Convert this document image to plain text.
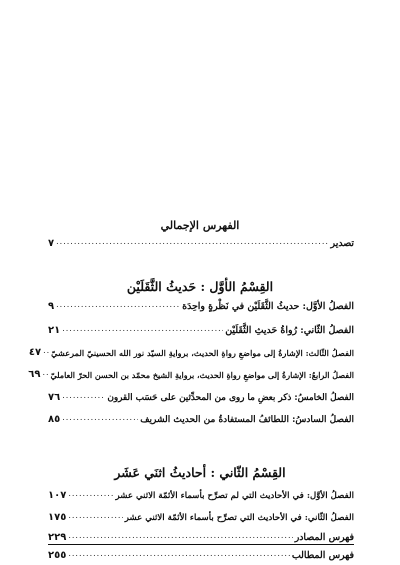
الفهرس الإجمالي
تصدير
.....
٧
القِسْمُ الأوَّل : حَديثُ الثَّقَلَيْن
الفصلُ الأوَّل: حديثُ الثَّقَلَيْن في نَظْرةٍ واحِدَة
.....
٩
الفصلُ الثّاني: رُواةُ حَديثِ الثَّقَلَيْن
.....
٢١
الفصلُ الثّالث: الإشارةُ إلى مواضعِ رواةِ الحديث، بروايةِ السيّد نور الله الحسينيّ المرعشيّ
.....
٤٧
الفصلُ الرابعُ: الإشارةُ إلى مواضعِ رواةِ الحديث، بروايةِ الشيخ محمّد بن الحسن الحرّ العامليّ
.....
٦٩
الفصلُ الخامسُ: ذكر بعضِ ما روى من المحدِّثين على حَسَب القرون
.....
٧٦
الفصلُ السادسُ: اللطائفُ المستفادةُ من الحديث الشريف
.....
٨٥
القِسْمُ الثّاني : أحاديثُ اثنَي عَشَر
الفصلُ الأوَّل: في الأحاديث التي لم تصرِّح بأسماء الأئمّة الاثني عشر
.....
١٠٧
الفصلُ الثّاني: في الأحاديث التي تصرِّح بأسماء الأئمّة الاثني عشر
.....
١٧٥
فهرس المصادر
.....
٢٢٩
فهرس المطالب
.....
٢٥٥
